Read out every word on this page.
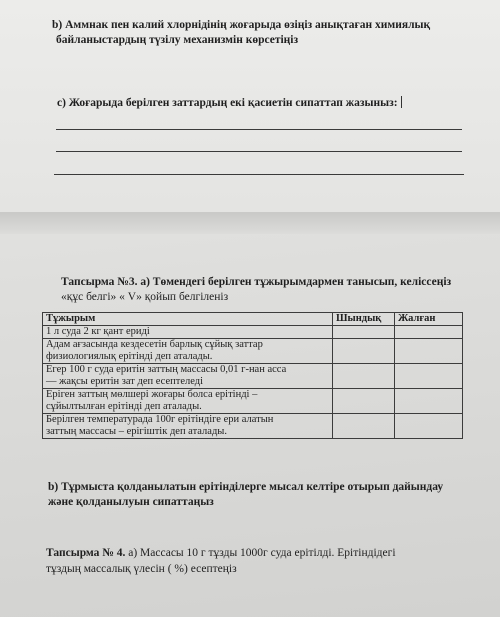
b) Аммнак пен калий хлорнідінің жоғарыда өзіңіз анықтаған химиялық
байланыстардың түзілу механизмін көрсетіңіз
c) Жоғарыда берілген заттардың екі қасиетін сипаттап жазыныз:
Тапсырма №3. а) Төмендегі берілген тұжырымдармен танысып, келіссеңіз
«құс белгі» « V» қойып белгіленіз
Тұжырым	Шындық	Жалған
1 л суда 2 кг қант ериді		

Адам ағзасында кездесетін барлық сұйық заттар
физиологиялық ерітінді деп аталады.		

Егер 100 г суда еритін заттың массасы 0,01 г-нан асса
— жақсы еритін зат деп есептеледі		

Еріген заттың мөлшері жоғары болса ерітінді –
сұйылтылған ерітінді деп аталады.		

Берілген температурада 100г ерітіндіге ери алатын
заттың массасы – ерігіштік деп аталады.		

b) Тұрмыста қолданылатын ерітінділерге мысал келтіре отырып дайындау
және қолданылуын сипаттаңыз
Тапсырма № 4. а) Массасы 10 г тұзды 1000г суда ерітілді. Ерітіндідегі
тұздың массалық үлесін ( %) есептеңіз
